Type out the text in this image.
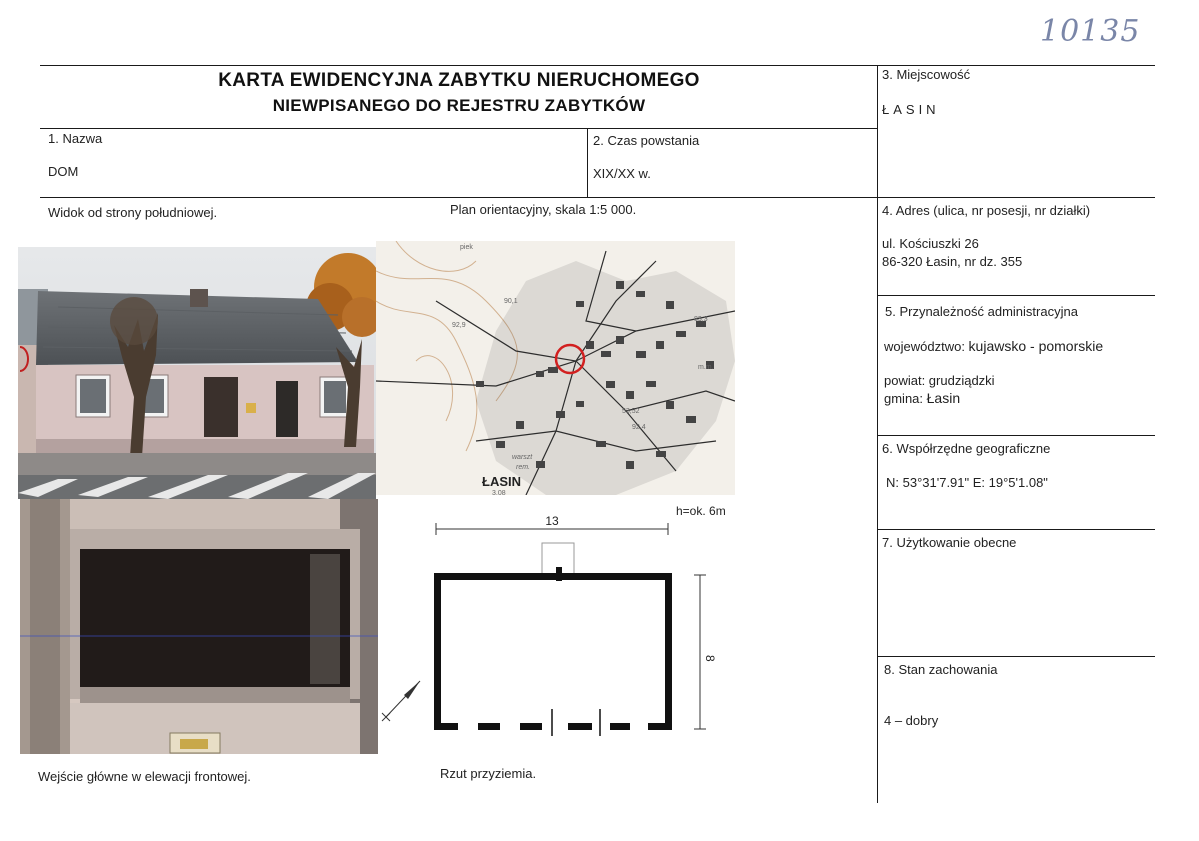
10135
KARTA EWIDENCYJNA ZABYTKU NIERUCHOMEGO
NIEWPISANEGO DO REJESTRU ZABYTKÓW
3. Miejscowość
ŁASIN
1. Nazwa
DOM
2. Czas powstania
XIX/XX w.
4. Adres (ulica, nr posesji, nr działki)
ul. Kościuszki 26
86-320 Łasin, nr dz. 355
5. Przynależność administracyjna
województwo: kujawsko - pomorskie
powiat: grudziądzki
gmina: Łasin
6. Współrzędne geograficzne
N: 53°31'7.91" E: 19°5'1.08"
7. Użytkowanie obecne
8. Stan zachowania
4 – dobry
Widok od strony południowej.	Plan orientacyjny, skala 1:5 000.
Wejście główne w elewacji frontowej.	Rzut przyziemia.
piek
90,1
92,9
83,3
m.m.
53,52
92,4
warszt
rem.
3,08
ŁASIN
h=ok. 6m
13
8
